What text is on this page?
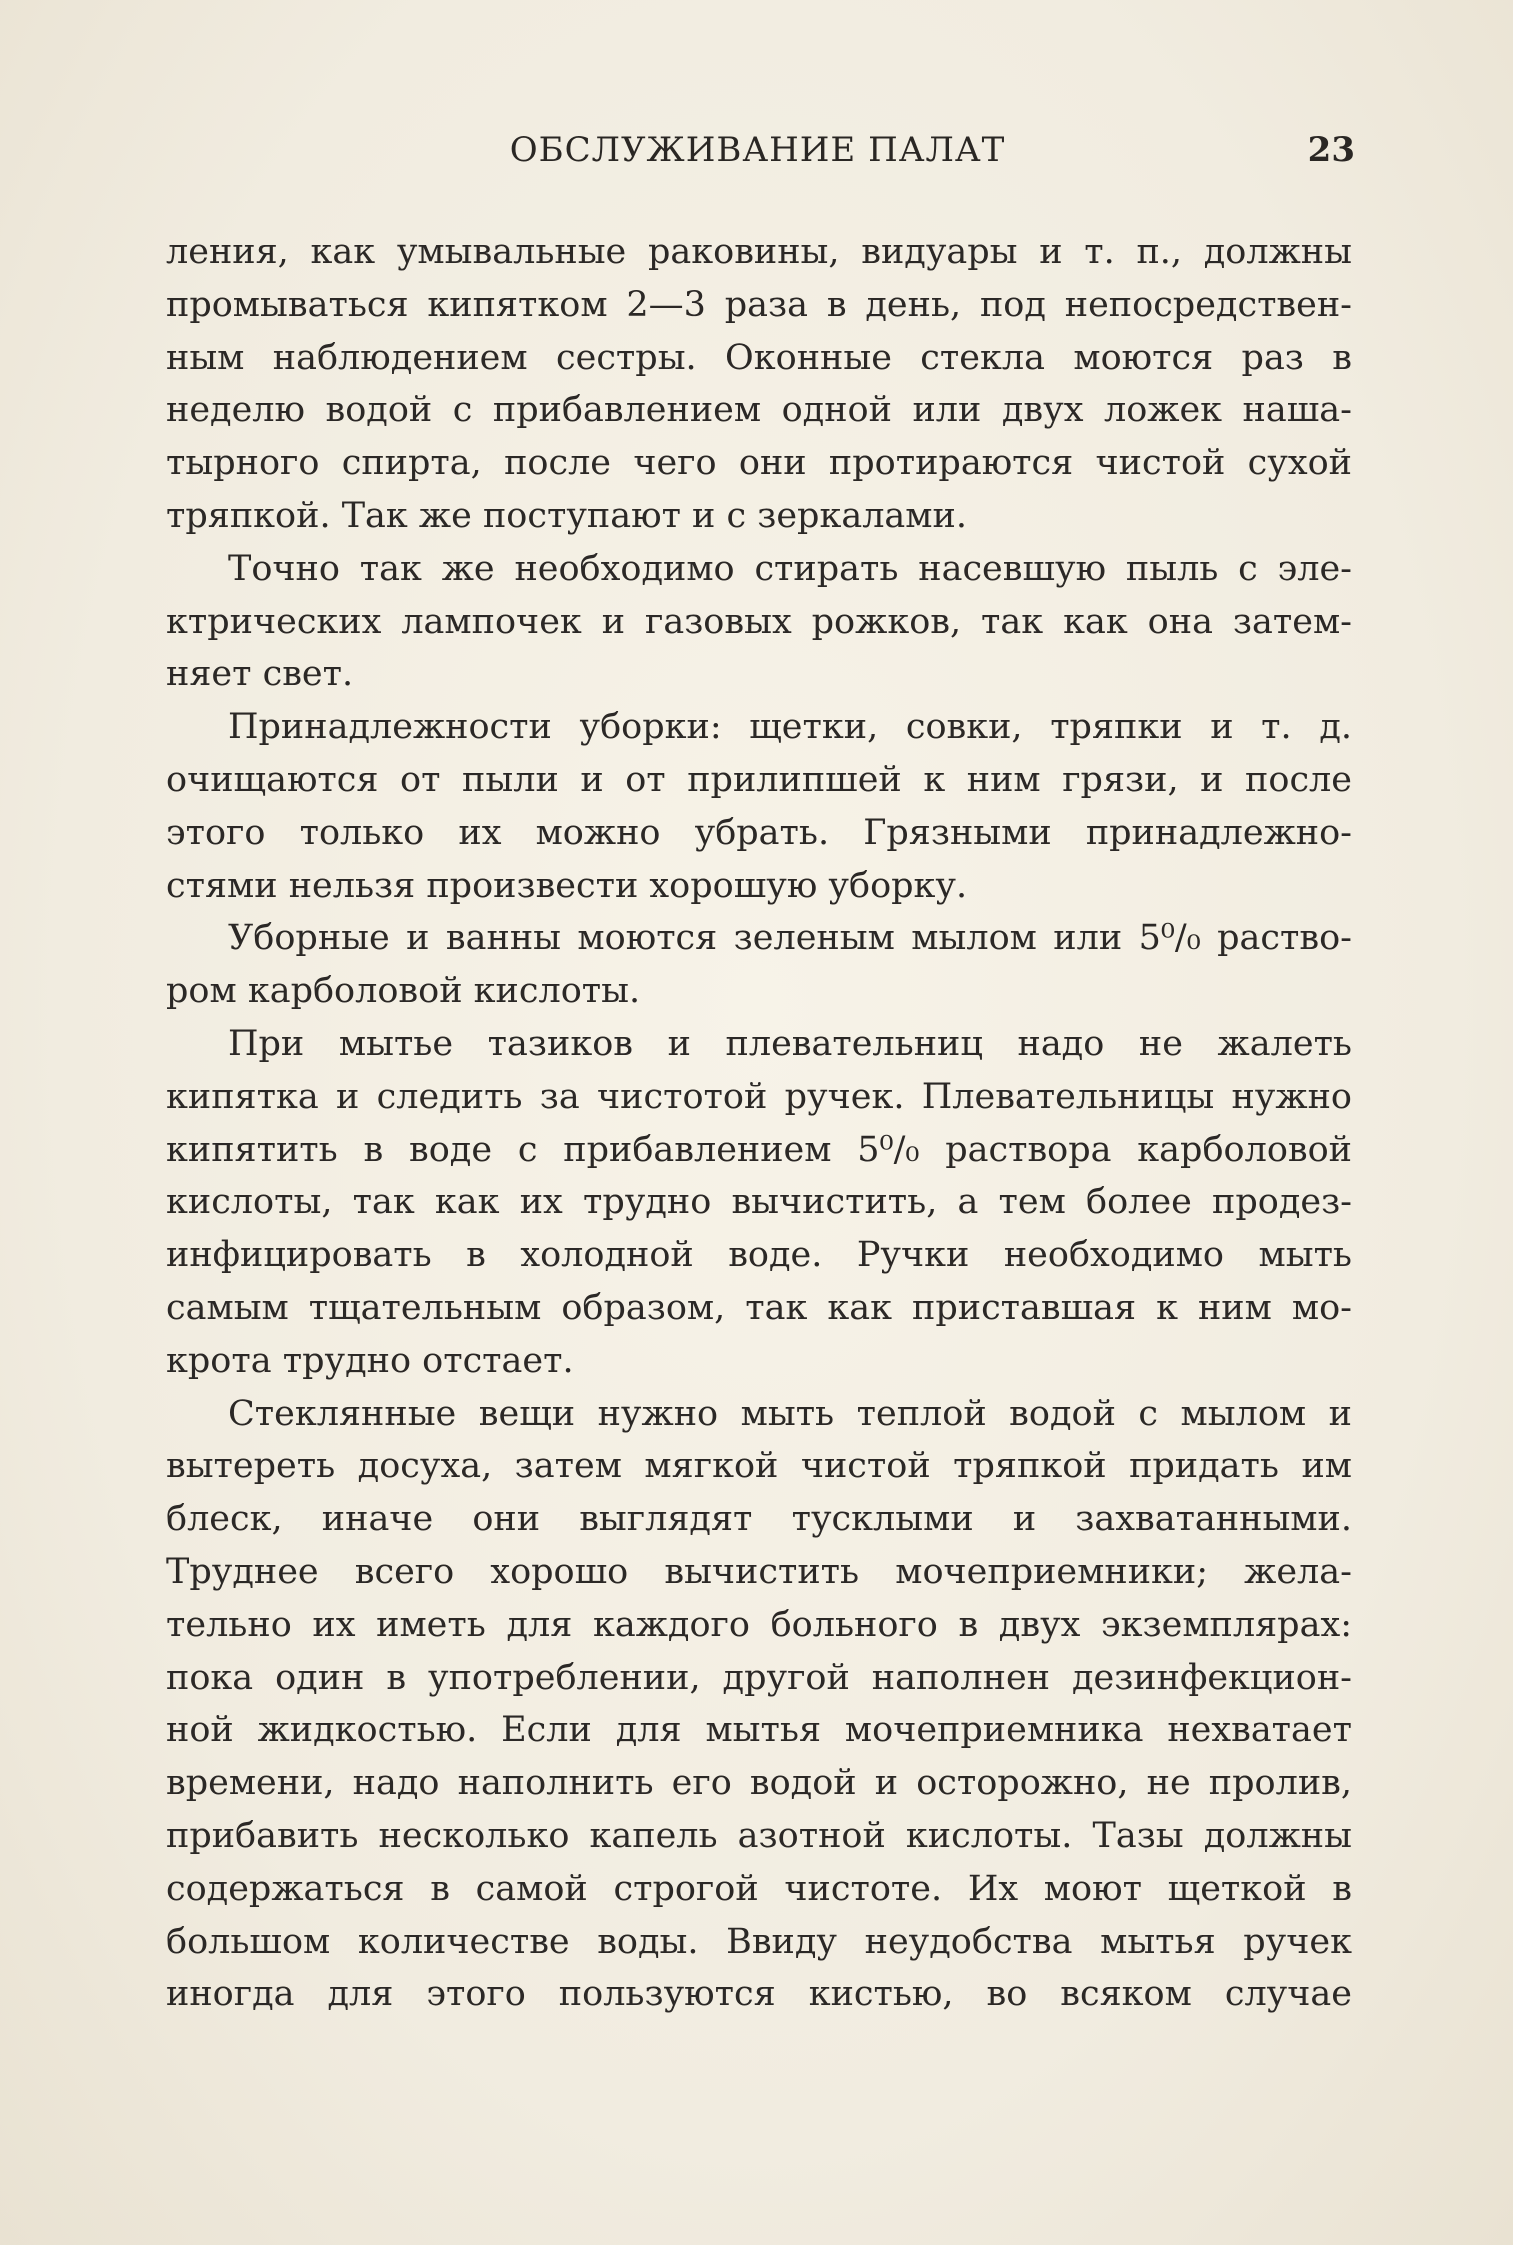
ОБСЛУЖИВАНИЕ ПАЛАТ	23
ления, как умывальные раковины, видуары и т. п., должны
промываться кипятком 2—3 раза в день, под непосредствен-
ным наблюдением сестры. Оконные стекла моются раз в
неделю водой с прибавлением одной или двух ложек наша-
тырного спирта, после чего они протираются чистой сухой
тряпкой. Так же поступают и с зеркалами.
Точно так же необходимо стирать насевшую пыль с эле-
ктрических лампочек и газовых рожков, так как она затем-
няет свет.
Принадлежности уборки: щетки, совки, тряпки и т. д.
очищаются от пыли и от прилипшей к ним грязи, и после
этого только их можно убрать. Грязными принадлежно-
стями нельзя произвести хорошую уборку.
Уборные и ванны моются зеленым мылом или 5⁰/₀ раство-
ром карболовой кислоты.
При мытье тазиков и плевательниц надо не жалеть
кипятка и следить за чистотой ручек. Плевательницы нужно
кипятить в воде с прибавлением 5⁰/₀ раствора карболовой
кислоты, так как их трудно вычистить, а тем более продез-
инфицировать в холодной воде. Ручки необходимо мыть
самым тщательным образом, так как приставшая к ним мо-
крота трудно отстает.
Стеклянные вещи нужно мыть теплой водой с мылом и
вытереть досуха, затем мягкой чистой тряпкой придать им
блеск, иначе они выглядят тусклыми и захватанными.
Труднее всего хорошо вычистить мочеприемники; жела-
тельно их иметь для каждого больного в двух экземплярах:
пока один в употреблении, другой наполнен дезинфекцион-
ной жидкостью. Если для мытья мочеприемника нехватает
времени, надо наполнить его водой и осторожно, не пролив,
прибавить несколько капель азотной кислоты. Тазы должны
содержаться в самой строгой чистоте. Их моют щеткой в
большом количестве воды. Ввиду неудобства мытья ручек
иногда для этого пользуются кистью, во всяком случае
